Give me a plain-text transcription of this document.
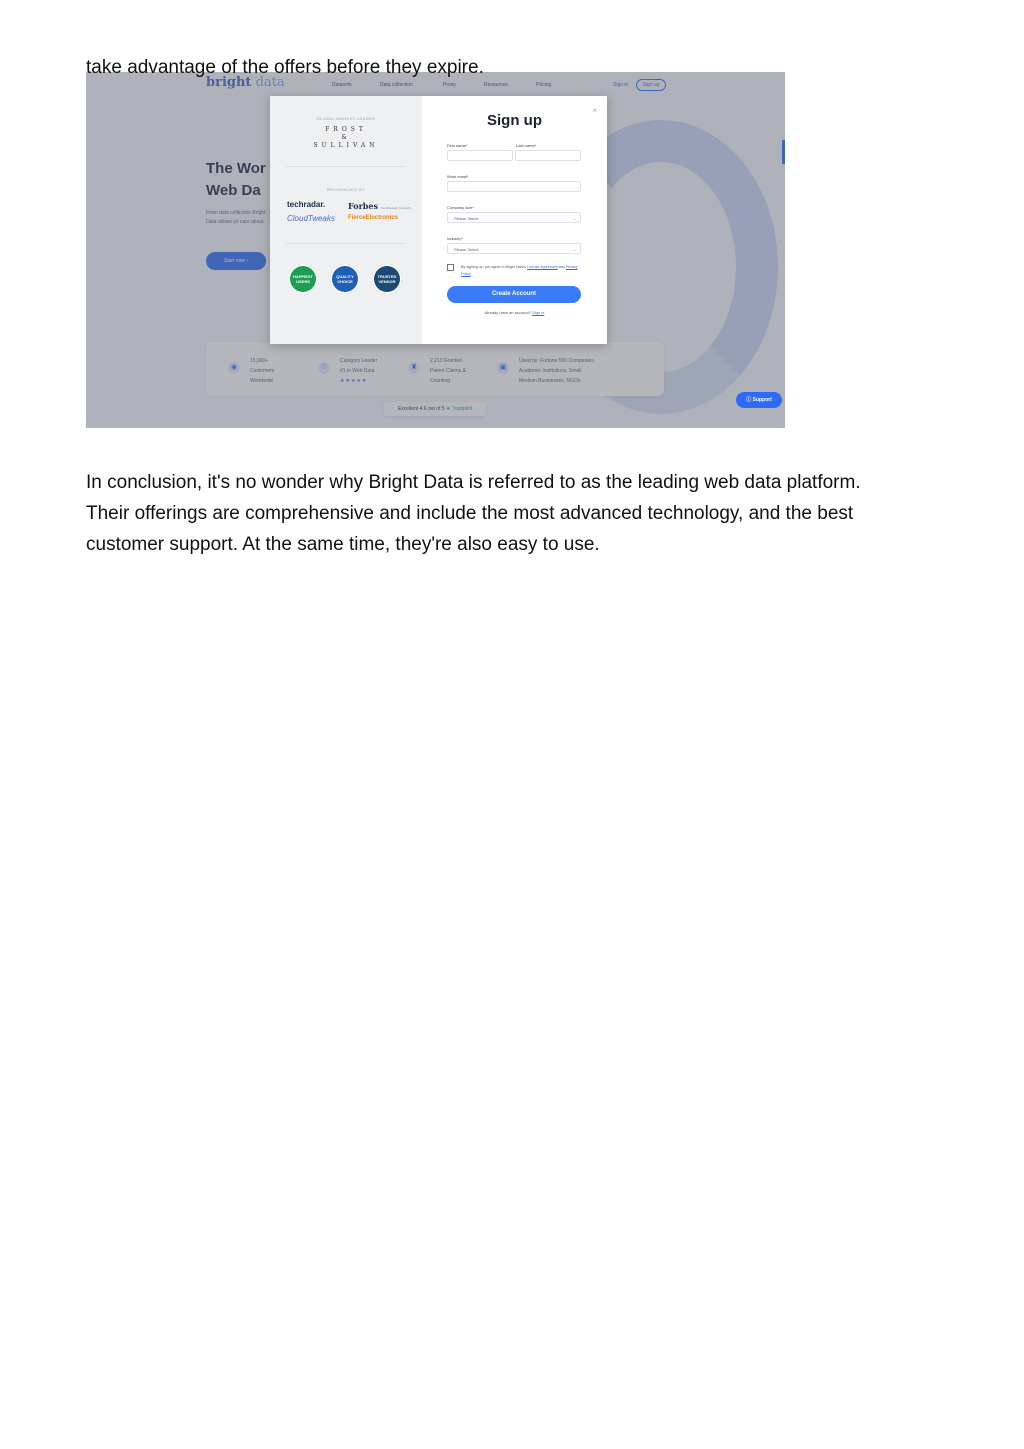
take advantage of the offers before they expire.
bright data	Datasets	Data collection	Proxy	Resources	Pricing	Sign in	Sign up
The Wor
Web Da
From data collection Bright Data allows yo care about.
Start now ›
◉
15,000+
Customers
Worldwide
♡
Category Leader
#1 in Web Data
★★★★★
♜
2,213 Granted
Patent Claims &
Counting
▣
Used by: Fortune 500 Companies,
Academic Institutions, Small
Medium Businesses, NGOs
Excellent 4.6 out of 5 ★ Trustpilot
ⓘ Support
GLOBAL MARKET LEADER
FROST
&
SULLIVAN
RECOGNIZED BY
techradar.	Forbes Technology Council
CloudTweaks FierceElectronics
HAPPIEST USERS
QUALITY CHOICE
TRUSTED VENDOR
×
Sign up
First name*	Last name*
Work email*
Company size*
Please Select	⌄
Industry*
Please Select	⌄
By signing up, you agree to Bright Data's License Agreement and Privacy Policy
Create Account
Already have an account? Sign in
In conclusion, it's no wonder why Bright Data is referred to as the leading web data platform.
Their offerings are comprehensive and include the most advanced technology, and the best
customer support. At the same time, they're also easy to use.
